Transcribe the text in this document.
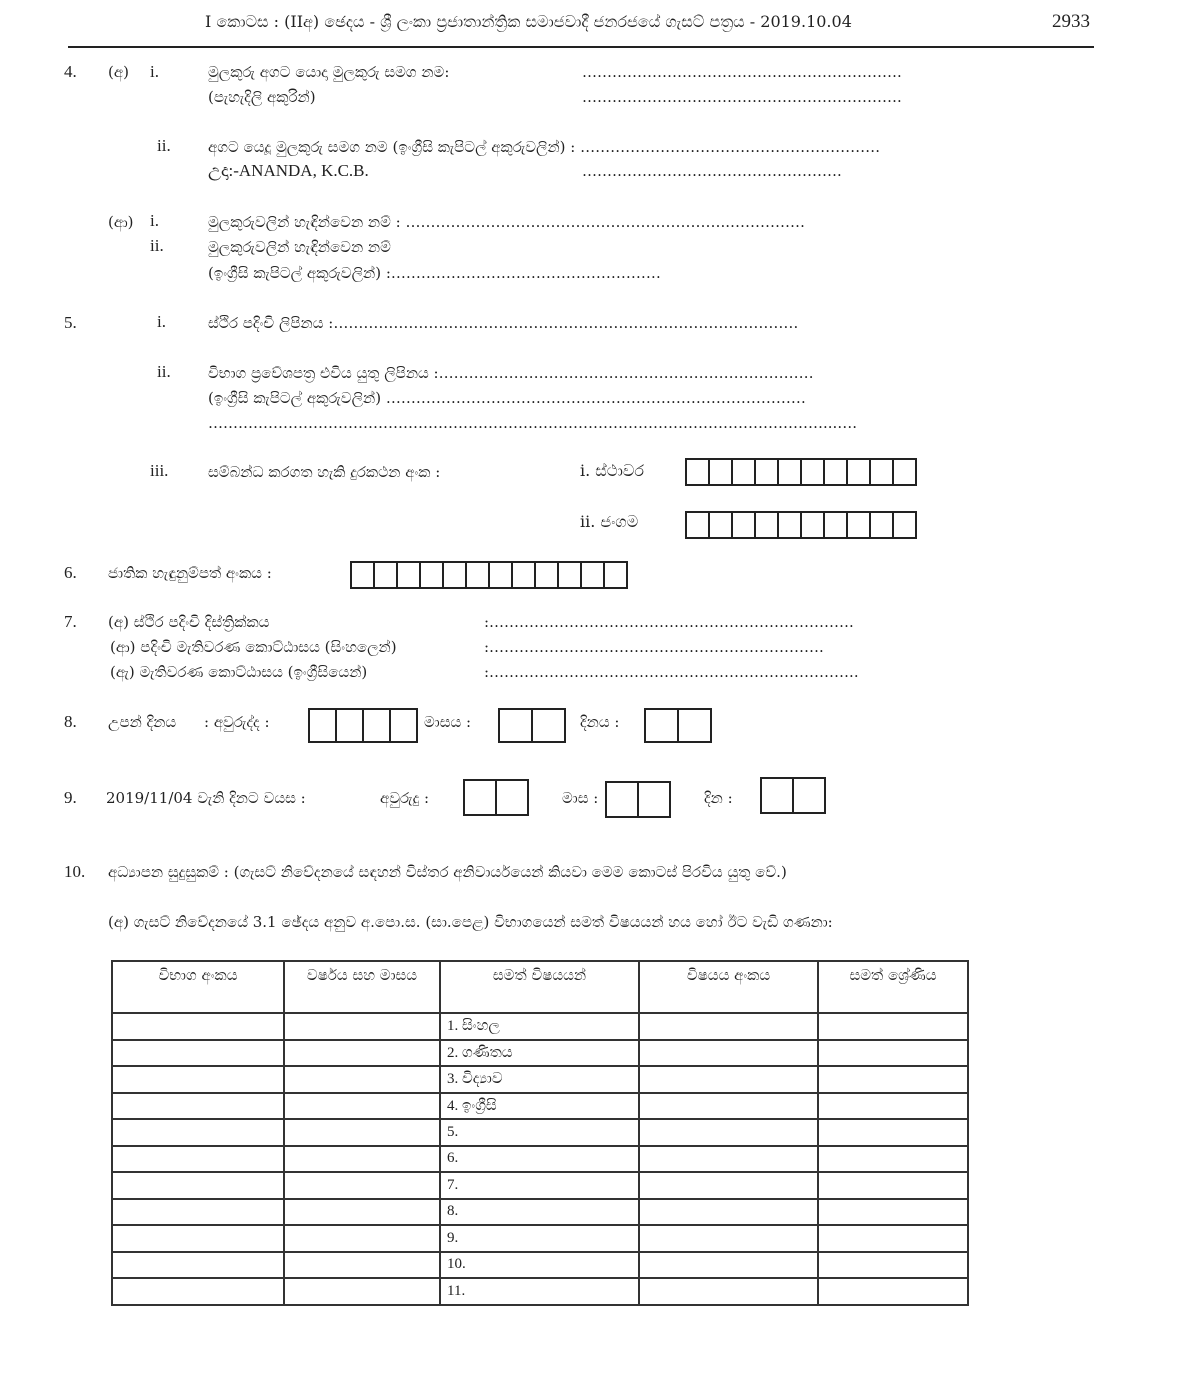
I කොටස : (IIඅ) ඡෙදය - ශ්‍රී ලංකා ප්‍රජාතාන්ත්‍රික සමාජවාදී ජනරජයේ ගැසට් පත්‍රය - 2019.10.04	2933
4. (අ) i.	මුලකුරු අගට යොදා මුලකුරු සමග නම:
(පැහැදිලි අකුරින්)
……………………………………………………….
……………………………………………………….
ii. අගට යෙදූ මුලකුරු සමග නම (ඉංග්‍රීසි කැපිටල් අකුරුවලින්) : ……………………………………………………
උදා:-ANANDA, K.C.B.	…………………………………………….
(ආ) i.	මුලකුරුවලින් හැඳින්වෙන නම් : ………………………………………………………..……………
ii.	මුලකුරුවලින් හැඳින්වෙන නම්
(ඉංග්‍රීසි කැපිටල් අකුරුවලින්) :………………………………………………
5.	i.	ස්ථිර පදිංචි ලිපිනය :…………………………………………………………………………………
ii. විභාග ප්‍රවේශපත්‍ර එවිය යුතු ලිපිනය :…………………………………………………………………
(ඉංග්‍රීසි කැපිටල් අකුරුවලින්) …………………………………………………………………………
……………………………………………………………………………………………………………...….
iii.	සම්බන්ධ කරගත හැකි දුරකථන අංක :	i. ස්ථාවර
ii. ජංගම
6. ජාතික හැඳුනුම්පත් අංකය :
7. (අ) ස්ථිර පදිංචි දිස්ත්‍රික්කය	:……………………………………………………………….
(ආ) පදිංචි මැතිවරණ කොට්ඨාසය (සිංහලෙන්)	:………………………………………………………….
(ඇ) මැතිවරණ කොට්ඨාසය (ඉංග්‍රීසියෙන්)	:………………………………………………………………..
8. උපන් දිනය : අවුරුද්ද :	මාසය :	දිනය :
9. 2019/11/04 වැනි දිනට වයස :	අවුරුදු :	මාස :	දින :
10. අධ්‍යාපන සුදුසුකම් : (ගැසට් නිවේදනයේ සඳහන් විස්තර අනිවාර්යයෙන් කියවා මෙම කොටස් පිරවිය යුතු වේ.)
(අ) ගැසට් නිවේදනයේ 3.1 ඡේදය අනුව අ.පො.ස. (සා.පෙළ) විභාගයෙන් සමත් විෂයයන් හය හෝ ඊට වැඩි ගණනා:
විභාග අංකය	වර්ෂය සහ මාසය	සමත් විෂයයන්	විෂයය අංකය	සමත් ශ්‍රේණිය
		1. සිංහල		
		2. ගණිතය		
		3. විද්‍යාව		
		4. ඉංග්‍රීසි		
		5.		
		6.		
		7.		
		8.		
		9.		
		10.		
		11.		
